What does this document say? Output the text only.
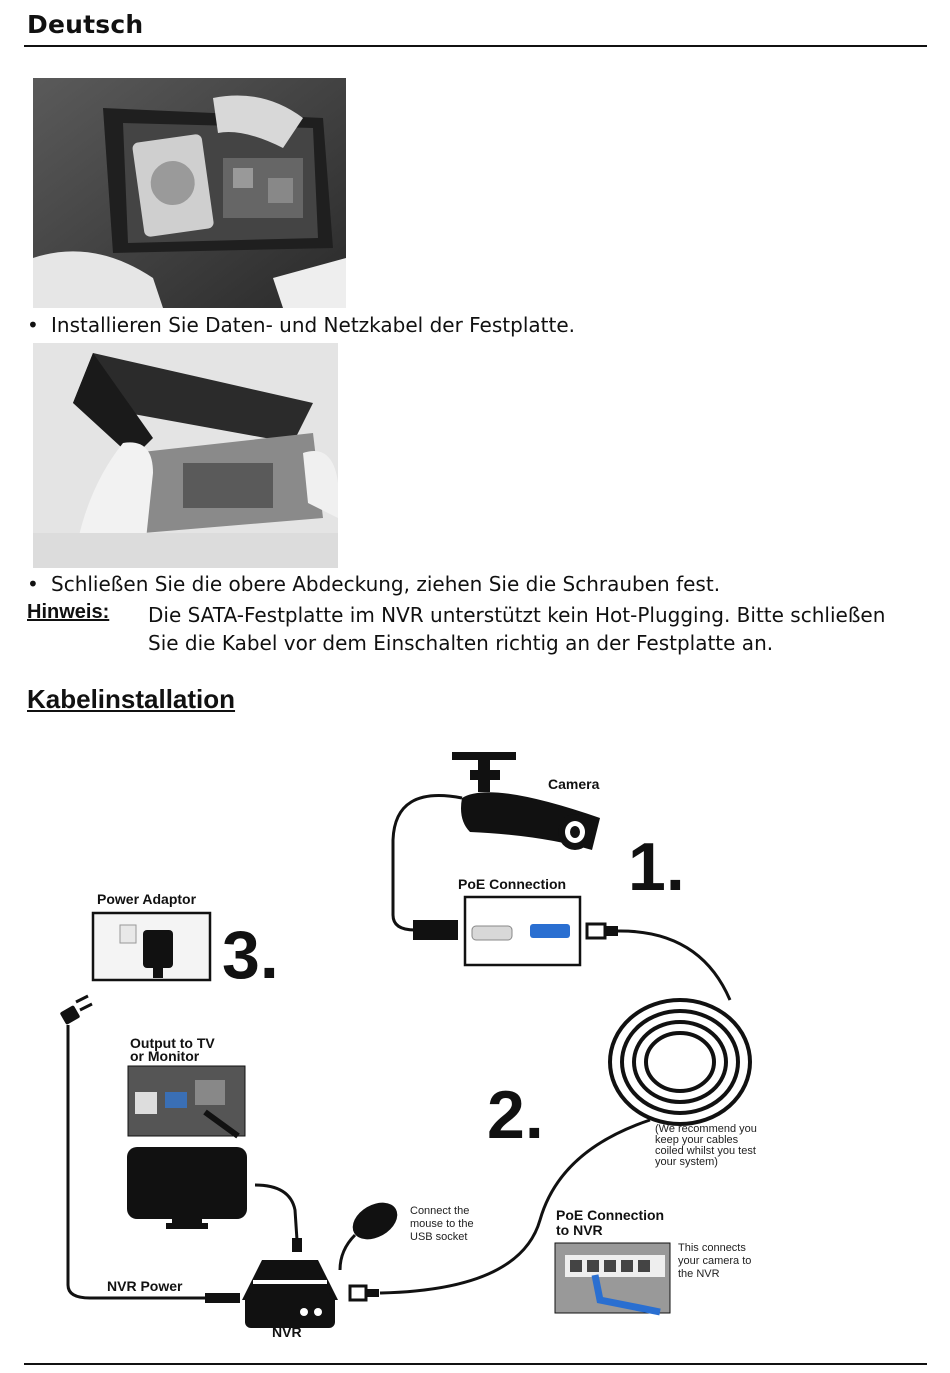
Deutsch
• Installieren Sie Daten- und Netzkabel der Festplatte.
• Schließen Sie die obere Abdeckung, ziehen Sie die Schrauben fest.
Hinweis: Die SATA-Festplatte im NVR unterstützt kein Hot-Plugging. Bitte schließen Sie die Kabel vor dem Einschalten richtig an der Festplatte an.
Kabelinstallation
Camera
1.
PoE Connection
2.	(We recommend you
keep your cables
coiled whilst you test
your system)
Power Adaptor
3.
NVR Power
Output to TV
or Monitor
Connect the
mouse to the
USB socket
NVR
PoE Connection
to NVR
This connects
your camera to
the NVR
